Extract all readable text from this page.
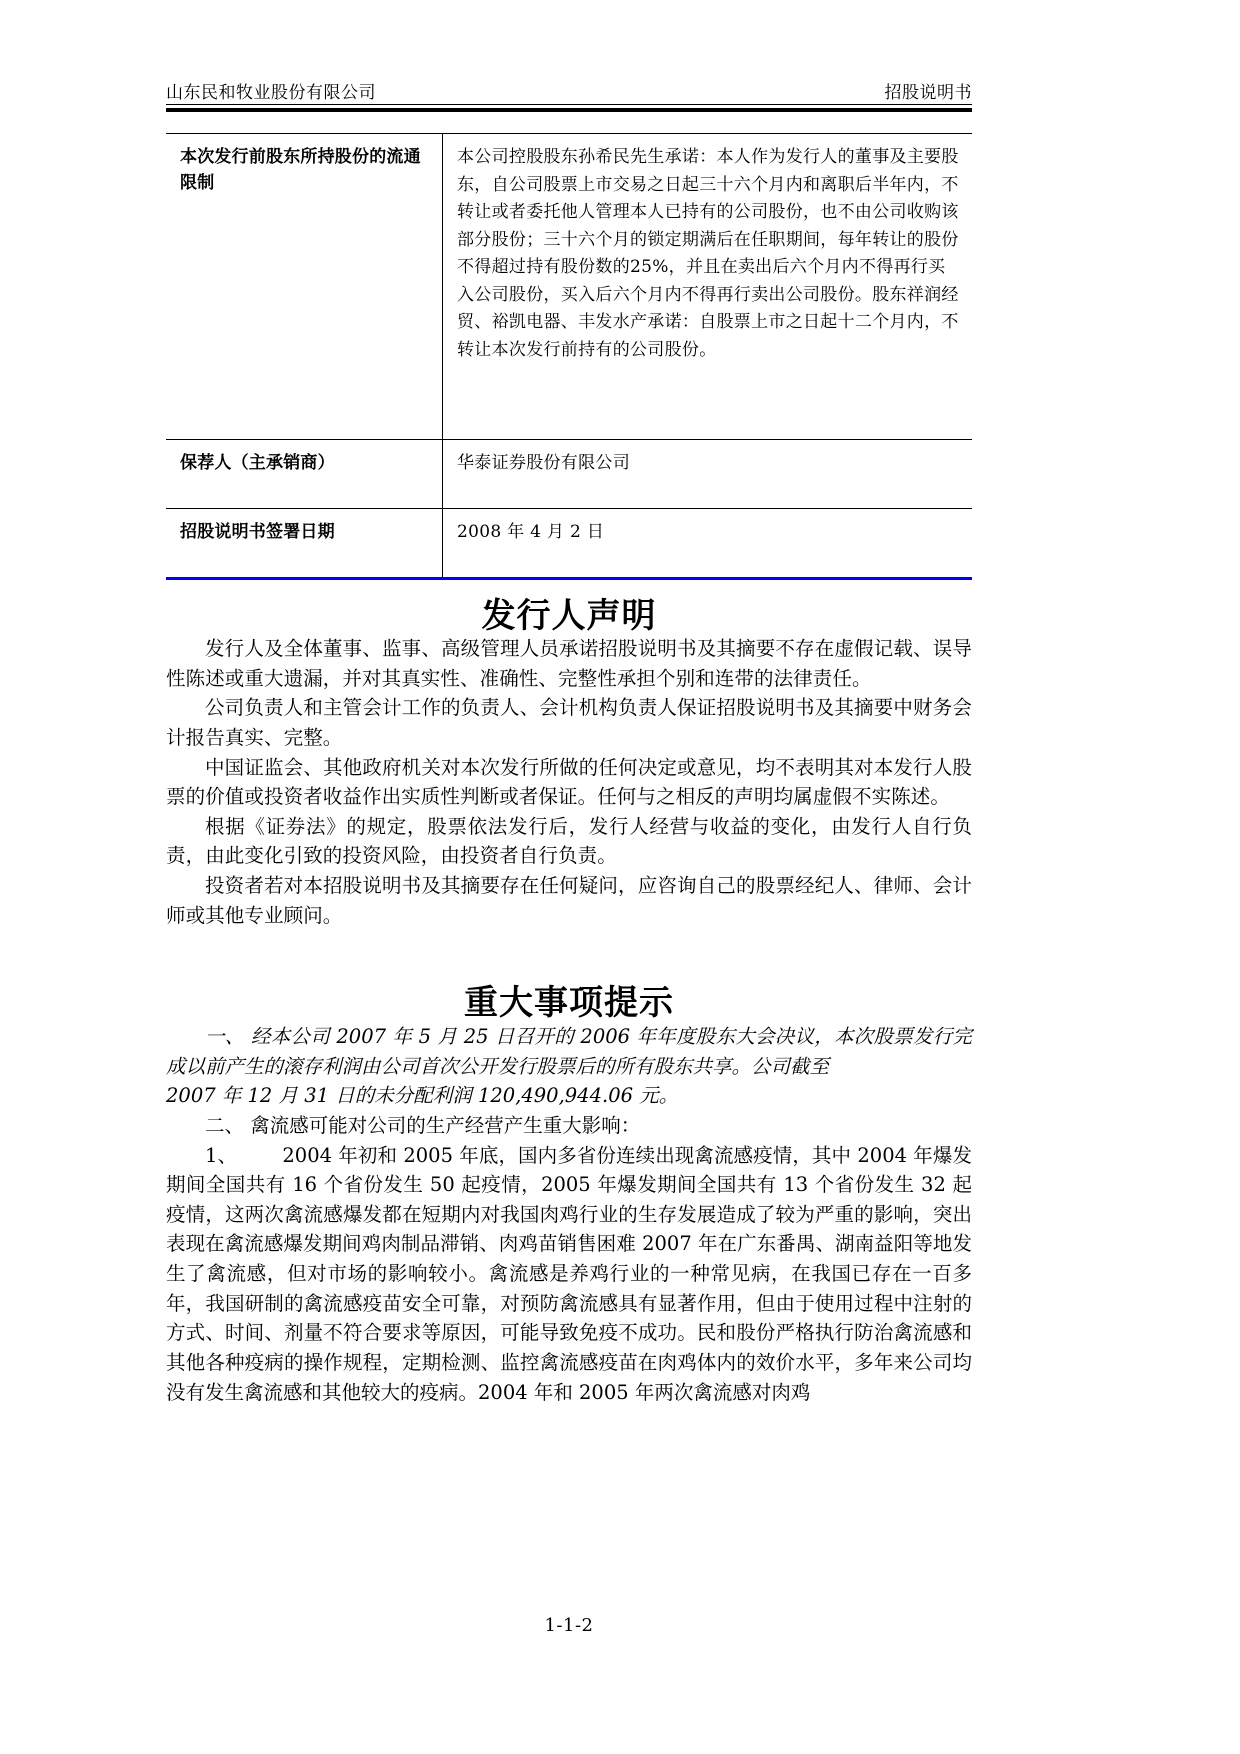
山东民和牧业股份有限公司	招股说明书
本次发行前股东所持股份的流通限制	本公司控股股东孙希民先生承诺：本人作为发行人的董事及主要股东，自公司股票上市交易之日起三十六个月内和离职后半年内，不转让或者委托他人管理本人已持有的公司股份，也不由公司收购该部分股份；三十六个月的锁定期满后在任职期间，每年转让的股份不得超过持有股份数的25%，并且在卖出后六个月内不得再行买入公司股份，买入后六个月内不得再行卖出公司股份。股东祥润经贸、裕凯电器、丰发水产承诺：自股票上市之日起十二个月内，不转让本次发行前持有的公司股份。
保荐人（主承销商）	华泰证券股份有限公司
招股说明书签署日期	2008 年 4 月 2 日
发行人声明

发行人及全体董事、监事、高级管理人员承诺招股说明书及其摘要不存在虚假记载、误导性陈述或重大遗漏，并对其真实性、准确性、完整性承担个别和连带的法律责任。

公司负责人和主管会计工作的负责人、会计机构负责人保证招股说明书及其摘要中财务会计报告真实、完整。

中国证监会、其他政府机关对本次发行所做的任何决定或意见，均不表明其对本发行人股票的价值或投资者收益作出实质性判断或者保证。任何与之相反的声明均属虚假不实陈述。

根据《证券法》的规定，股票依法发行后，发行人经营与收益的变化，由发行人自行负责，由此变化引致的投资风险，由投资者自行负责。

投资者若对本招股说明书及其摘要存在任何疑问，应咨询自己的股票经纪人、律师、会计师或其他专业顾问。

重大事项提示

一、 经本公司 2007 年 5 月 25 日召开的 2006 年年度股东大会决议，本次股票发行完成以前产生的滚存利润由公司首次公开发行股票后的所有股东共享。公司截至

2007 年 12 月 31 日的未分配利润 120,490,944.06 元。

二、 禽流感可能对公司的生产经营产生重大影响：

1、 2004 年初和 2005 年底，国内多省份连续出现禽流感疫情，其中 2004 年爆发期间全国共有 16 个省份发生 50 起疫情，2005 年爆发期间全国共有 13 个省份发生 32 起疫情，这两次禽流感爆发都在短期内对我国肉鸡行业的生存发展造成了较为严重的影响，突出表现在禽流感爆发期间鸡肉制品滞销、肉鸡苗销售困难 2007 年在广东番禺、湖南益阳等地发生了禽流感，但对市场的影响较小。禽流感是养鸡行业的一种常见病，在我国已存在一百多年，我国研制的禽流感疫苗安全可靠，对预防禽流感具有显著作用，但由于使用过程中注射的方式、时间、剂量不符合要求等原因，可能导致免疫不成功。民和股份严格执行防治禽流感和其他各种疫病的操作规程，定期检测、监控禽流感疫苗在肉鸡体内的效价水平，多年来公司均没有发生禽流感和其他较大的疫病。2004 年和 2005 年两次禽流感对肉鸡

1-1-2
